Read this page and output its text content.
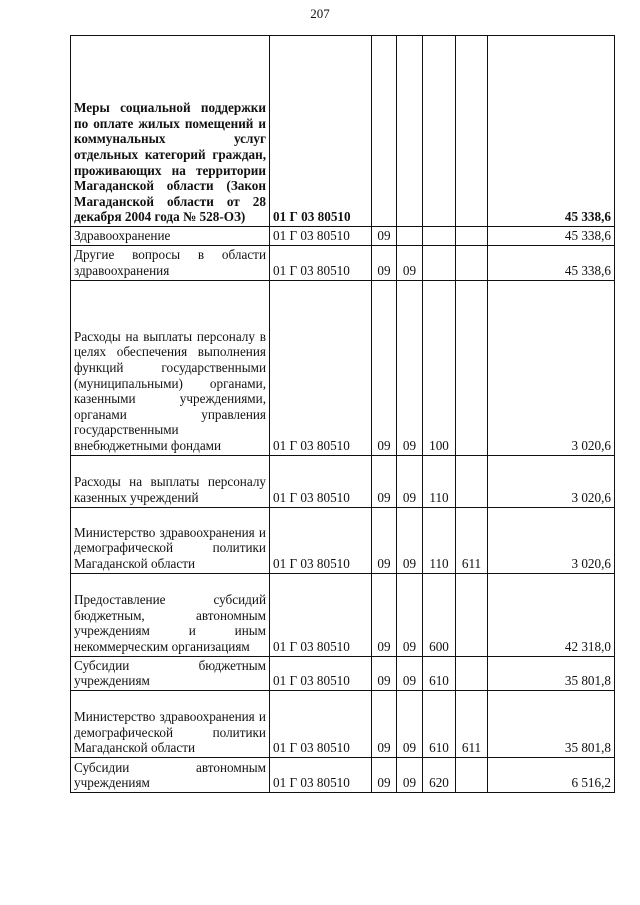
207
Меры социальной поддержки по оплате жилых помещений и коммунальных услуг отдельных категорий граждан, проживающих на территории Магаданской области (Закон Магаданской области от 28 декабря 2004 года № 528-ОЗ)	01 Г 03 80510					45 338,6
Здравоохранение	01 Г 03 80510	09				45 338,6
Другие вопросы в области здравоохранения	01 Г 03 80510	09	09			45 338,6
Расходы на выплаты персоналу в целях обеспечения выполнения функций государственными (муниципальными) органами, казенными учреждениями, органами управления государственными внебюджетными фондами	01 Г 03 80510	09	09	100		3 020,6
Расходы на выплаты персоналу казенных учреждений	01 Г 03 80510	09	09	110		3 020,6
Министерство здравоохранения и демографической политики Магаданской области	01 Г 03 80510	09	09	110	611	3 020,6
Предоставление субсидий бюджетным, автономным учреждениям и иным некоммерческим организациям	01 Г 03 80510	09	09	600		42 318,0
Субсидии бюджетным учреждениям	01 Г 03 80510	09	09	610		35 801,8
Министерство здравоохранения и демографической политики Магаданской области	01 Г 03 80510	09	09	610	611	35 801,8
Субсидии автономным учреждениям	01 Г 03 80510	09	09	620		6 516,2
